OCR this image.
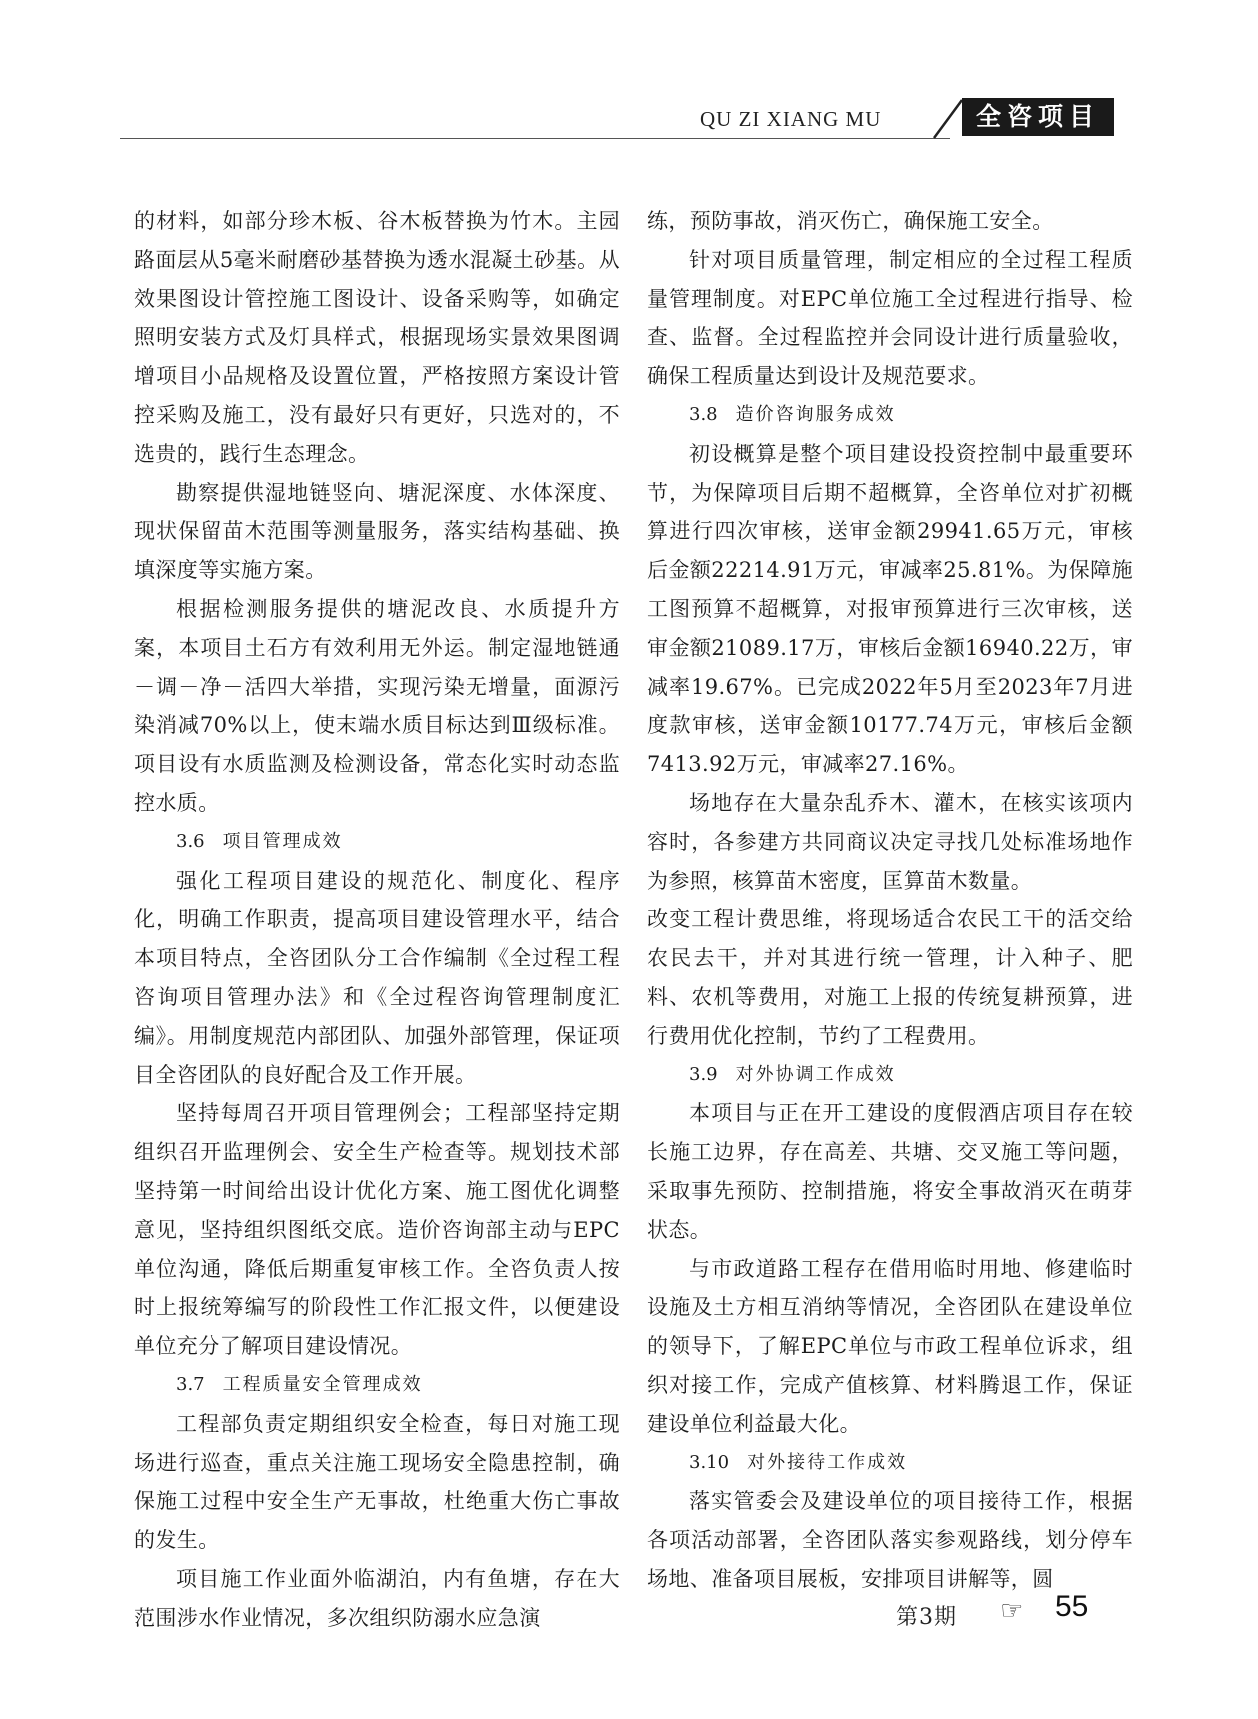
QU ZI XIANG MU	全咨项目

的材料，如部分珍木板、谷木板替换为竹木。主园路面层从5毫米耐磨砂基替换为透水混凝土砂基。从效果图设计管控施工图设计、设备采购等，如确定照明安装方式及灯具样式，根据现场实景效果图调增项目小品规格及设置位置，严格按照方案设计管控采购及施工，没有最好只有更好，只选对的，不选贵的，践行生态理念。

勘察提供湿地链竖向、塘泥深度、水体深度、现状保留苗木范围等测量服务，落实结构基础、换填深度等实施方案。

根据检测服务提供的塘泥改良、水质提升方案，本项目土石方有效利用无外运。制定湿地链通－调－净－活四大举措，实现污染无增量，面源污染消减70%以上，使末端水质目标达到Ⅲ级标准。项目设有水质监测及检测设备，常态化实时动态监控水质。

3.6 项目管理成效

强化工程项目建设的规范化、制度化、程序化，明确工作职责，提高项目建设管理水平，结合本项目特点，全咨团队分工合作编制《全过程工程咨询项目管理办法》和《全过程咨询管理制度汇编》。用制度规范内部团队、加强外部管理，保证项目全咨团队的良好配合及工作开展。

坚持每周召开项目管理例会；工程部坚持定期组织召开监理例会、安全生产检查等。规划技术部坚持第一时间给出设计优化方案、施工图优化调整意见，坚持组织图纸交底。造价咨询部主动与EPC单位沟通，降低后期重复审核工作。全咨负责人按时上报统筹编写的阶段性工作汇报文件，以便建设单位充分了解项目建设情况。

3.7 工程质量安全管理成效

工程部负责定期组织安全检查，每日对施工现场进行巡查，重点关注施工现场安全隐患控制，确保施工过程中安全生产无事故，杜绝重大伤亡事故的发生。

项目施工作业面外临湖泊，内有鱼塘，存在大范围涉水作业情况，多次组织防溺水应急演

练，预防事故，消灭伤亡，确保施工安全。

针对项目质量管理，制定相应的全过程工程质量管理制度。对EPC单位施工全过程进行指导、检查、监督。全过程监控并会同设计进行质量验收，确保工程质量达到设计及规范要求。

3.8 造价咨询服务成效

初设概算是整个项目建设投资控制中最重要环节，为保障项目后期不超概算，全咨单位对扩初概算进行四次审核，送审金额29941.65万元，审核后金额22214.91万元，审减率25.81%。为保障施工图预算不超概算，对报审预算进行三次审核，送审金额21089.17万，审核后金额16940.22万，审减率19.67%。已完成2022年5月至2023年7月进度款审核，送审金额10177.74万元，审核后金额7413.92万元，审减率27.16%。

场地存在大量杂乱乔木、灌木，在核实该项内容时，各参建方共同商议决定寻找几处标准场地作为参照，核算苗木密度，匡算苗木数量。

改变工程计费思维，将现场适合农民工干的活交给农民去干，并对其进行统一管理，计入种子、肥料、农机等费用，对施工上报的传统复耕预算，进行费用优化控制，节约了工程费用。

3.9 对外协调工作成效

本项目与正在开工建设的度假酒店项目存在较长施工边界，存在高差、共塘、交叉施工等问题，采取事先预防、控制措施，将安全事故消灭在萌芽状态。

与市政道路工程存在借用临时用地、修建临时设施及土方相互消纳等情况，全咨团队在建设单位的领导下，了解EPC单位与市政工程单位诉求，组织对接工作，完成产值核算、材料腾退工作，保证建设单位利益最大化。

3.10 对外接待工作成效

落实管委会及建设单位的项目接待工作，根据各项活动部署，全咨团队落实参观路线，划分停车场地、准备项目展板，安排项目讲解等，圆

第3期 ☞ 55
